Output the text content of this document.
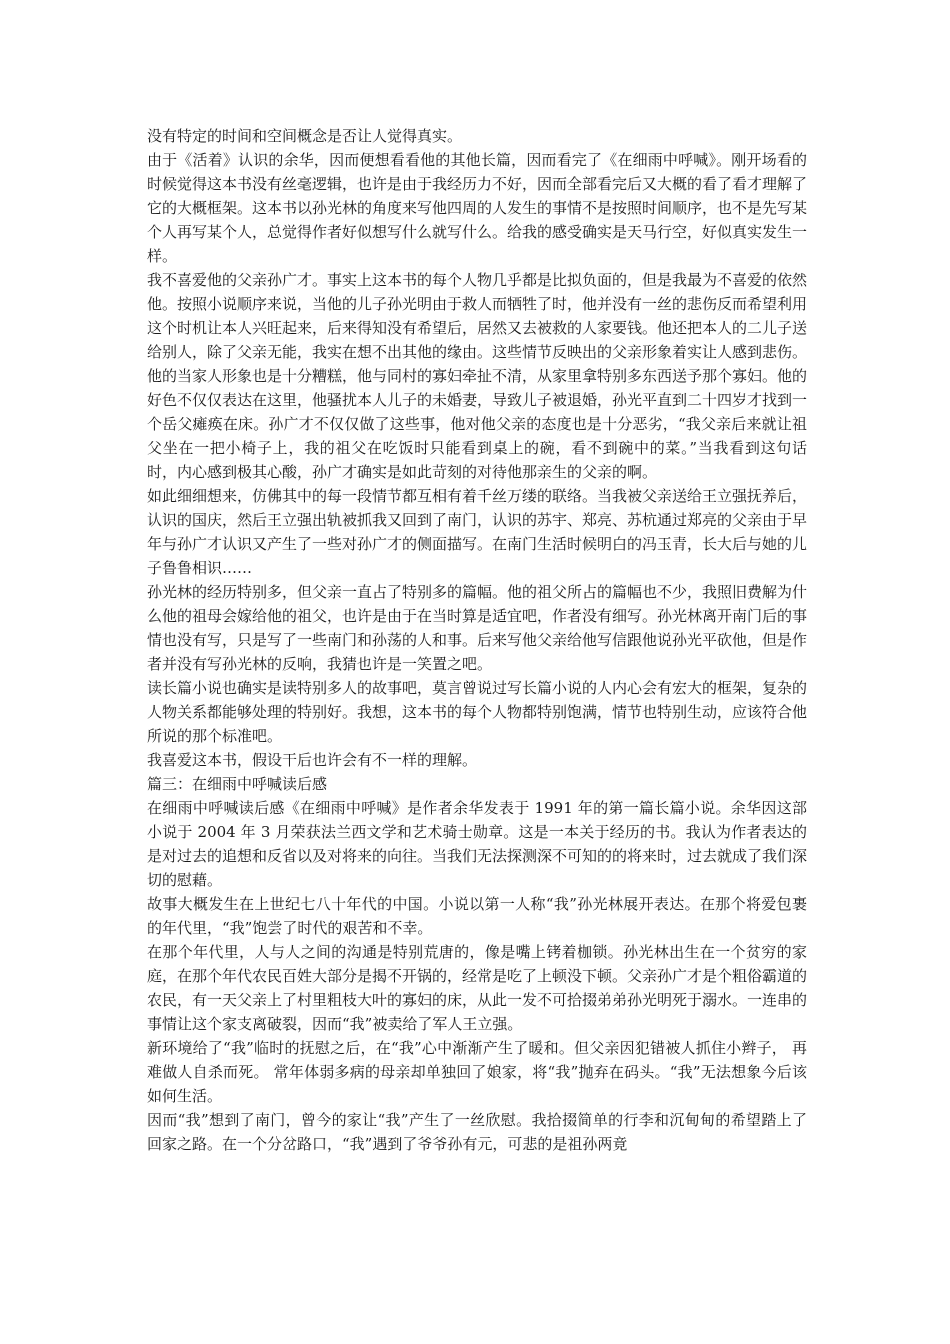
没有特定的时间和空间概念是否让人觉得真实。

由于《活着》认识的余华，因而便想看看他的其他长篇，因而看完了《在细雨中呼喊》。刚开场看的时候觉得这本书没有丝毫逻辑，也许是由于我经历力不好，因而全部看完后又大概的看了看才理解了它的大概框架。这本书以孙光林的角度来写他四周的人发生的事情不是按照时间顺序，也不是先写某个人再写某个人，总觉得作者好似想写什么就写什么。给我的感受确实是天马行空，好似真实发生一样。

我不喜爱他的父亲孙广才。事实上这本书的每个人物几乎都是比拟负面的，但是我最为不喜爱的依然他。按照小说顺序来说，当他的儿子孙光明由于救人而牺牲了时，他并没有一丝的悲伤反而希望利用这个时机让本人兴旺起来，后来得知没有希望后，居然又去被救的人家要钱。他还把本人的二儿子送给别人，除了父亲无能，我实在想不出其他的缘由。这些情节反映出的父亲形象着实让人感到悲伤。他的当家人形象也是十分糟糕，他与同村的寡妇牵扯不清，从家里拿特别多东西送予那个寡妇。他的好色不仅仅表达在这里，他骚扰本人儿子的未婚妻，导致儿子被退婚，孙光平直到二十四岁才找到一个岳父瘫痪在床。孙广才不仅仅做了这些事，他对他父亲的态度也是十分恶劣，“我父亲后来就让祖父坐在一把小椅子上，我的祖父在吃饭时只能看到桌上的碗，看不到碗中的菜。”当我看到这句话时，内心感到极其心酸，孙广才确实是如此苛刻的对待他那亲生的父亲的啊。

如此细细想来，仿佛其中的每一段情节都互相有着千丝万缕的联络。当我被父亲送给王立强抚养后，认识的国庆，然后王立强出轨被抓我又回到了南门，认识的苏宇、郑亮、苏杭通过郑亮的父亲由于早年与孙广才认识又产生了一些对孙广才的侧面描写。在南门生活时候明白的冯玉青，长大后与她的儿子鲁鲁相识……

孙光林的经历特别多，但父亲一直占了特别多的篇幅。他的祖父所占的篇幅也不少，我照旧费解为什么他的祖母会嫁给他的祖父，也许是由于在当时算是适宜吧，作者没有细写。孙光林离开南门后的事情也没有写，只是写了一些南门和孙荡的人和事。后来写他父亲给他写信跟他说孙光平砍他，但是作者并没有写孙光林的反响，我猜也许是一笑置之吧。

读长篇小说也确实是读特别多人的故事吧，莫言曾说过写长篇小说的人内心会有宏大的框架，复杂的人物关系都能够处理的特别好。我想，这本书的每个人物都特别饱满，情节也特别生动，应该符合他所说的那个标准吧。

我喜爱这本书，假设干后也许会有不一样的理解。

篇三：在细雨中呼喊读后感

在细雨中呼喊读后感《在细雨中呼喊》是作者余华发表于 1991 年的第一篇长篇小说。余华因这部小说于 2004 年 3 月荣获法兰西文学和艺术骑士勋章。这是一本关于经历的书。我认为作者表达的是对过去的追想和反省以及对将来的向往。当我们无法探测深不可知的的将来时，过去就成了我们深切的慰藉。

故事大概发生在上世纪七八十年代的中国。小说以第一人称“我”孙光林展开表达。在那个将爱包裹的年代里，“我”饱尝了时代的艰苦和不幸。

在那个年代里，人与人之间的沟通是特别荒唐的，像是嘴上铐着枷锁。孙光林出生在一个贫穷的家庭，在那个年代农民百姓大部分是揭不开锅的，经常是吃了上顿没下顿。父亲孙广才是个粗俗霸道的农民，有一天父亲上了村里粗枝大叶的寡妇的床，从此一发不可拾掇弟弟孙光明死于溺水。一连串的事情让这个家支离破裂，因而“我”被卖给了军人王立强。

新环境给了“我”临时的抚慰之后，在“我”心中渐渐产生了暖和。但父亲因犯错被人抓住小辫子， 再难做人自杀而死。 常年体弱多病的母亲却单独回了娘家，将“我”抛弃在码头。“我”无法想象今后该如何生活。

因而“我”想到了南门，曾今的家让“我”产生了一丝欣慰。我拾掇简单的行李和沉甸甸的希望踏上了回家之路。在一个分岔路口，“我”遇到了爷爷孙有元，可悲的是祖孙两竟
